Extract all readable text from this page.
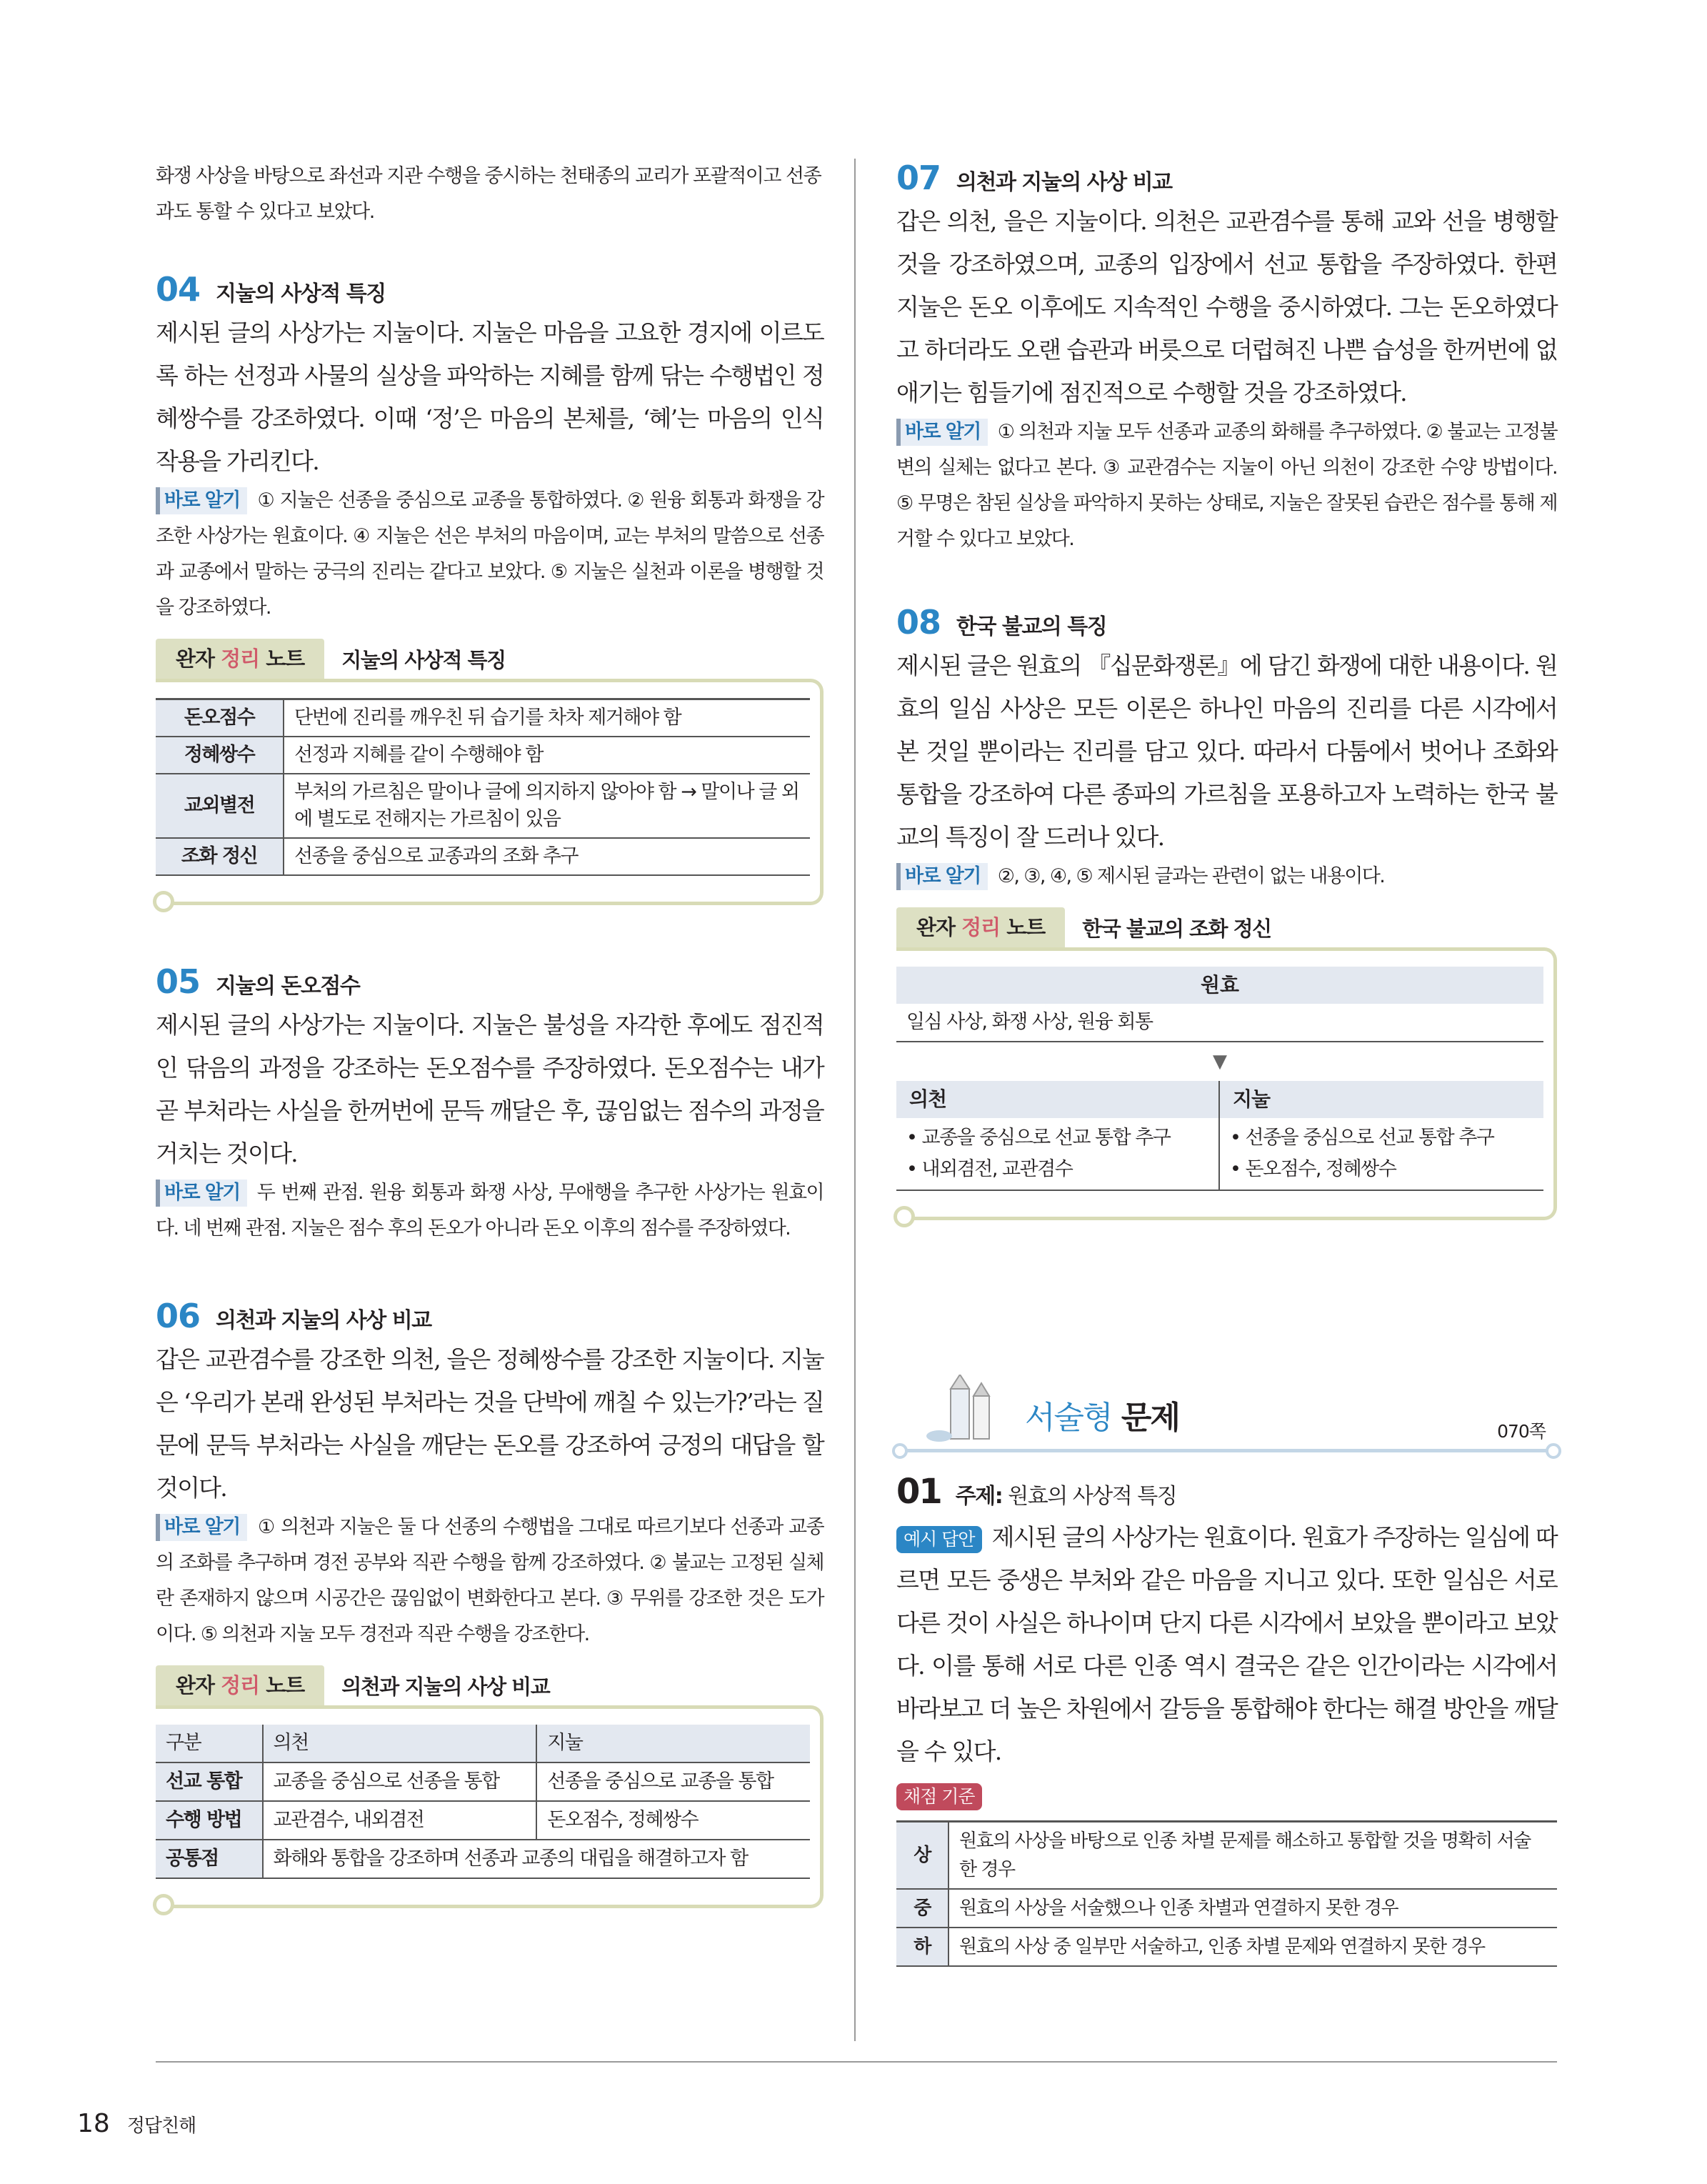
화쟁 사상을 바탕으로 좌선과 지관 수행을 중시하는 천태종의 교리가 포괄적이고 선종과도 통할 수 있다고 보았다.
04 지눌의 사상적 특징
제시된 글의 사상가는 지눌이다. 지눌은 마음을 고요한 경지에 이르도록 하는 선정과 사물의 실상을 파악하는 지혜를 함께 닦는 수행법인 정혜쌍수를 강조하였다. 이때 ‘정’은 마음의 본체를, ‘혜’는 마음의 인식 작용을 가리킨다.
바로 알기 ① 지눌은 선종을 중심으로 교종을 통합하였다. ② 원융 회통과 화쟁을 강조한 사상가는 원효이다. ④ 지눌은 선은 부처의 마음이며, 교는 부처의 말씀으로 선종과 교종에서 말하는 궁극의 진리는 같다고 보았다. ⑤ 지눌은 실천과 이론을 병행할 것을 강조하였다.
완자 정리 노트	지눌의 사상적 특징
돈오점수	단번에 진리를 깨우친 뒤 습기를 차차 제거해야 함
정혜쌍수	선정과 지혜를 같이 수행해야 함
교외별전	부처의 가르침은 말이나 글에 의지하지 않아야 함 → 말이나 글 외에 별도로 전해지는 가르침이 있음
조화 정신	선종을 중심으로 교종과의 조화 추구
05 지눌의 돈오점수
제시된 글의 사상가는 지눌이다. 지눌은 불성을 자각한 후에도 점진적인 닦음의 과정을 강조하는 돈오점수를 주장하였다. 돈오점수는 내가 곧 부처라는 사실을 한꺼번에 문득 깨달은 후, 끊임없는 점수의 과정을 거치는 것이다.
바로 알기 두 번째 관점. 원융 회통과 화쟁 사상, 무애행을 추구한 사상가는 원효이다. 네 번째 관점. 지눌은 점수 후의 돈오가 아니라 돈오 이후의 점수를 주장하였다.
06 의천과 지눌의 사상 비교
갑은 교관겸수를 강조한 의천, 을은 정혜쌍수를 강조한 지눌이다. 지눌은 ‘우리가 본래 완성된 부처라는 것을 단박에 깨칠 수 있는가?’라는 질문에 문득 부처라는 사실을 깨닫는 돈오를 강조하여 긍정의 대답을 할 것이다.
바로 알기 ① 의천과 지눌은 둘 다 선종의 수행법을 그대로 따르기보다 선종과 교종의 조화를 추구하며 경전 공부와 직관 수행을 함께 강조하였다. ② 불교는 고정된 실체란 존재하지 않으며 시공간은 끊임없이 변화한다고 본다. ③ 무위를 강조한 것은 도가이다. ⑤ 의천과 지눌 모두 경전과 직관 수행을 강조한다.
완자 정리 노트	의천과 지눌의 사상 비교
구분	의천	지눌
선교 통합	교종을 중심으로 선종을 통합	선종을 중심으로 교종을 통합
수행 방법	교관겸수, 내외겸전	돈오점수, 정혜쌍수
공통점	화해와 통합을 강조하며 선종과 교종의 대립을 해결하고자 함	
07 의천과 지눌의 사상 비교
갑은 의천, 을은 지눌이다. 의천은 교관겸수를 통해 교와 선을 병행할 것을 강조하였으며, 교종의 입장에서 선교 통합을 주장하였다. 한편 지눌은 돈오 이후에도 지속적인 수행을 중시하였다. 그는 돈오하였다고 하더라도 오랜 습관과 버릇으로 더럽혀진 나쁜 습성을 한꺼번에 없애기는 힘들기에 점진적으로 수행할 것을 강조하였다.
바로 알기 ① 의천과 지눌 모두 선종과 교종의 화해를 추구하였다. ② 불교는 고정불변의 실체는 없다고 본다. ③ 교관겸수는 지눌이 아닌 의천이 강조한 수양 방법이다. ⑤ 무명은 참된 실상을 파악하지 못하는 상태로, 지눌은 잘못된 습관은 점수를 통해 제거할 수 있다고 보았다.
08 한국 불교의 특징
제시된 글은 원효의 『십문화쟁론』에 담긴 화쟁에 대한 내용이다. 원효의 일심 사상은 모든 이론은 하나인 마음의 진리를 다른 시각에서 본 것일 뿐이라는 진리를 담고 있다. 따라서 다툼에서 벗어나 조화와 통합을 강조하여 다른 종파의 가르침을 포용하고자 노력하는 한국 불교의 특징이 잘 드러나 있다.
바로 알기 ②, ③, ④, ⑤ 제시된 글과는 관련이 없는 내용이다.
완자 정리 노트	한국 불교의 조화 정신
원효
일심 사상, 화쟁 사상, 원융 회통
▼
의천
• 교종을 중심으로 선교 통합 추구
• 내외겸전, 교관겸수
지눌
• 선종을 중심으로 선교 통합 추구
• 돈오점수, 정혜쌍수
서술형 문제	070쪽
01 주제: 원효의 사상적 특징
예시 답안 제시된 글의 사상가는 원효이다. 원효가 주장하는 일심에 따르면 모든 중생은 부처와 같은 마음을 지니고 있다. 또한 일심은 서로 다른 것이 사실은 하나이며 단지 다른 시각에서 보았을 뿐이라고 보았다. 이를 통해 서로 다른 인종 역시 결국은 같은 인간이라는 시각에서 바라보고 더 높은 차원에서 갈등을 통합해야 한다는 해결 방안을 깨달을 수 있다.
채점 기준
상	원효의 사상을 바탕으로 인종 차별 문제를 해소하고 통합할 것을 명확히 서술한 경우
중	원효의 사상을 서술했으나 인종 차별과 연결하지 못한 경우
하	원효의 사상 중 일부만 서술하고, 인종 차별 문제와 연결하지 못한 경우
18 정답친해
